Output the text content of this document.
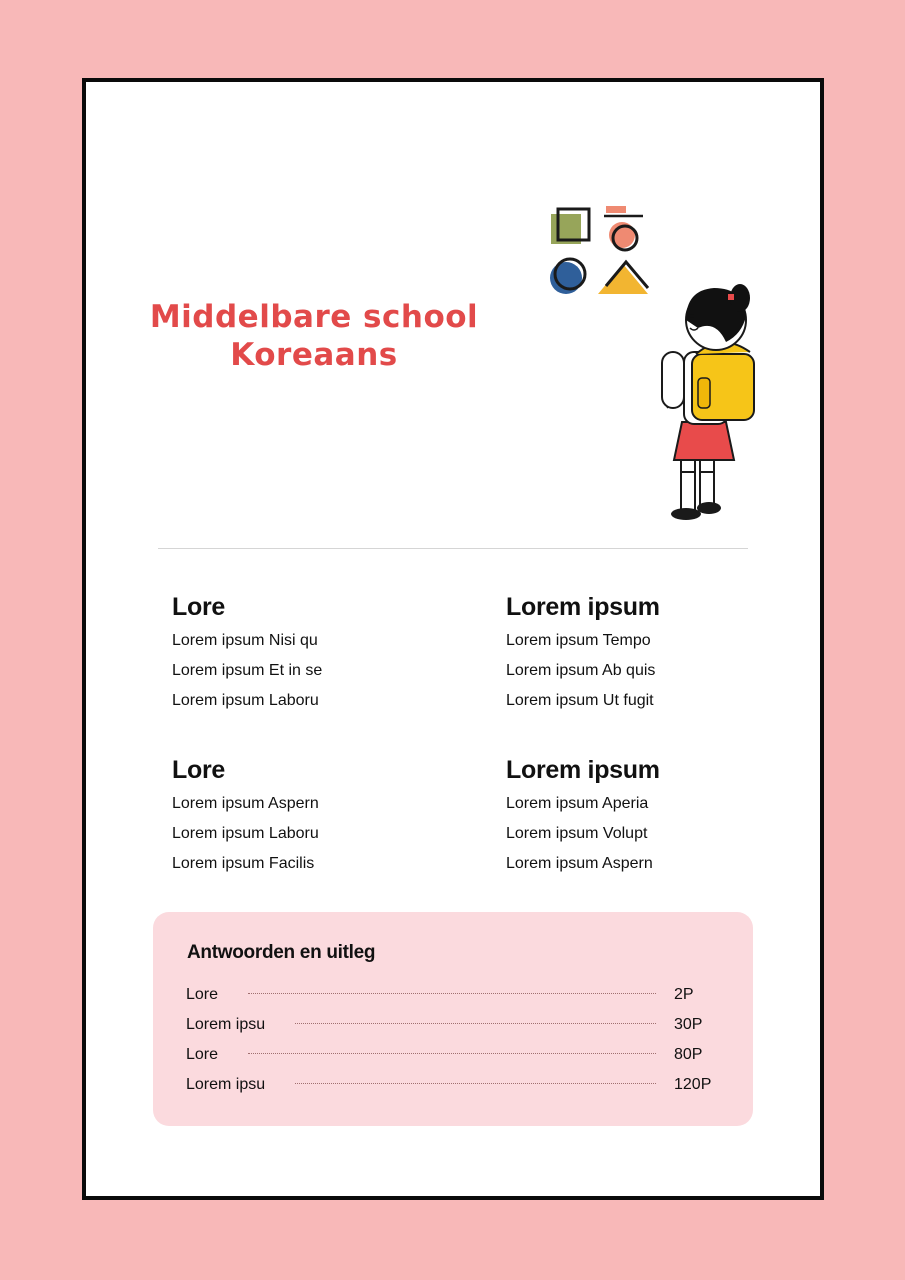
Middelbare school
Koreaans
Lore
Lorem ipsum Nisi qu
Lorem ipsum Et in se
Lorem ipsum Laboru
Lorem ipsum
Lorem ipsum Tempo
Lorem ipsum Ab quis
Lorem ipsum Ut fugit
Lore
Lorem ipsum Aspern
Lorem ipsum Laboru
Lorem ipsum Facilis
Lorem ipsum
Lorem ipsum Aperia
Lorem ipsum Volupt
Lorem ipsum Aspern
Antwoorden en uitleg
Lore	2P
Lorem ipsu	30P
Lore	80P
Lorem ipsu	120P
